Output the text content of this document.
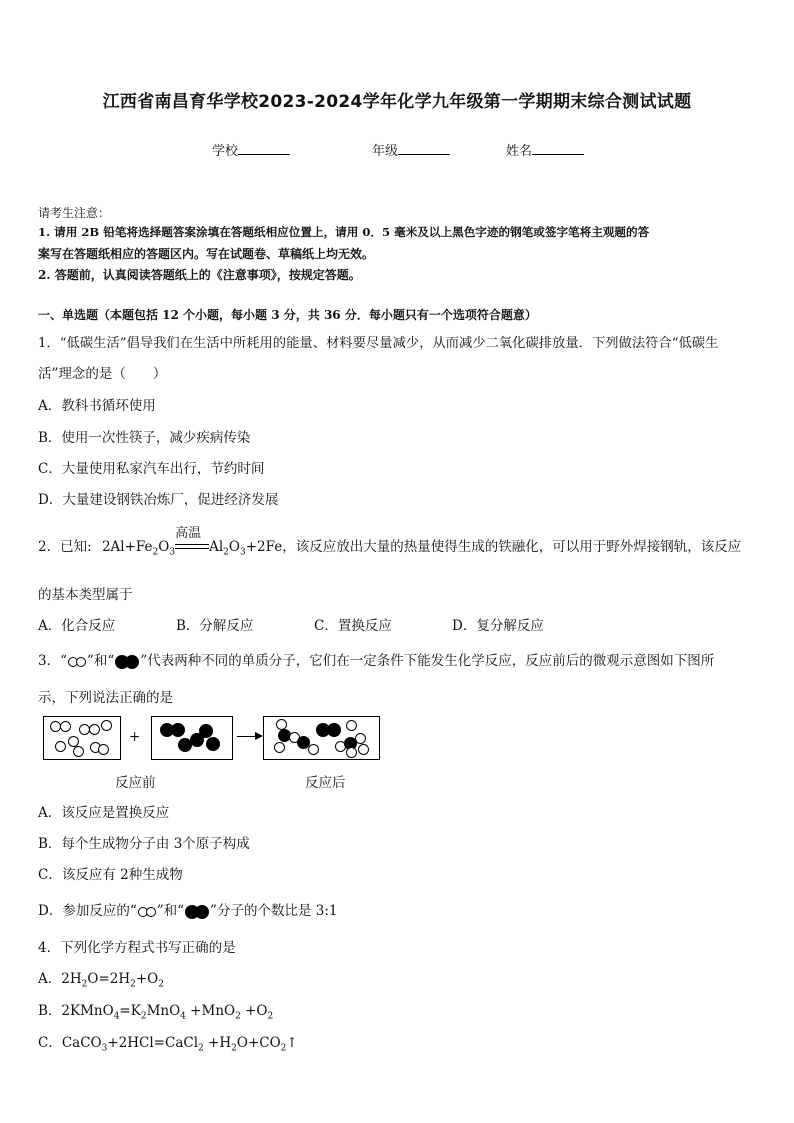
江西省南昌育华学校2023-2024学年化学九年级第一学期期末综合测试试题
学校	年级	姓名
请考生注意：
1. 请用 2B 铅笔将选择题答案涂填在答题纸相应位置上，请用 0．5 毫米及以上黑色字迹的钢笔或签字笔将主观题的答
案写在答题纸相应的答题区内。写在试题卷、草稿纸上均无效。
2. 答题前，认真阅读答题纸上的《注意事项》，按规定答题。
一、单选题（本题包括 12 个小题，每小题 3 分，共 36 分．每小题只有一个选项符合题意）
1．“低碳生活”倡导我们在生活中所耗用的能量、材料要尽量减少，从而减少二氧化碳排放量．下列做法符合“低碳生
活”理念的是（　　）
A．教科书循环使用
B．使用一次性筷子，减少疾病传染
C．大量使用私家汽车出行，节约时间
D．大量建设钢铁冶炼厂，促进经济发展
2．已知: $2Al+Fe_2O_3$
高温
$Al_2O_3+2Fe$，该反应放出大量的热量使得生成的铁融化，可以用于野外焊接钢轨，该反应
的基本类型属于
A．化合反应	B．分解反应	C．置换反应	D．复分解反应
3．“ ”和“ ”代表两种不同的单质分子，它们在一定条件下能发生化学反应，反应前后的微观示意图如下图所
示，下列说法正确的是
+
反应前	反应后
A．该反应是置换反应
B．每个生成物分子由 3个原子构成
C．该反应有 2种生成物
D．参加反应的“ ”和“ ”分子的个数比是 3:1
4．下列化学方程式书写正确的是
A．$2H_2O=2H_2+O_2$
B．$2KMnO_4=K_2MnO_4 +MnO_2 +O_2$
C．CaCO$_3$+2HCl=CaCl$_2$ $+H_2O+CO_2↑$
